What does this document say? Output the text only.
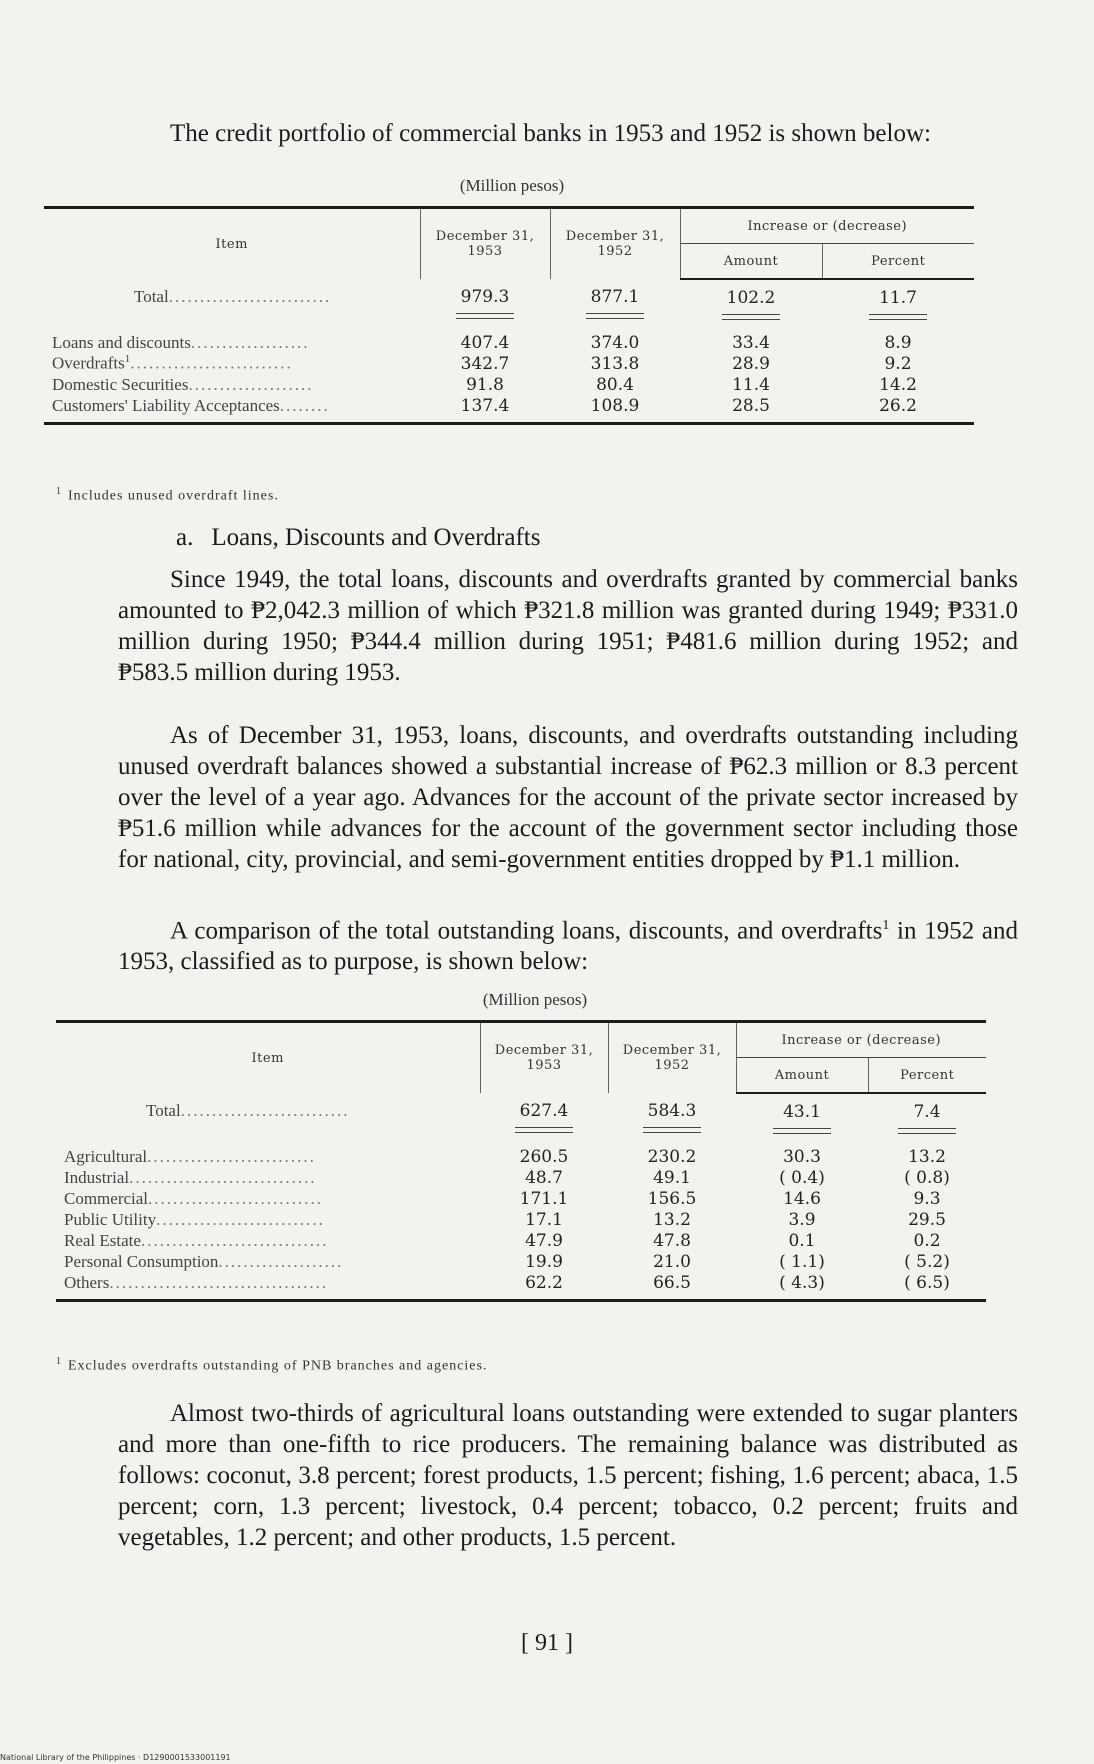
The credit portfolio of commercial banks in 1953 and 1952 is shown below:

(Million pesos)
Item	December 31, 1953	December 31, 1952	Increase or (decrease)	
			Amount	Percent
Total..........................	979.3	877.1	102.2	11.7

Loans and discounts...................	407.4	374.0	33.4	8.9
Overdrafts$^1$..........................	342.7	313.8	28.9	9.2
Domestic Securities....................	91.8	80.4	11.4	14.2
Customers' Liability Acceptances........	137.4	108.9	28.5	26.2

$^1$ Includes unused overdraft lines.
a. Loans, Discounts and Overdrafts

Since 1949, the total loans, discounts and overdrafts granted by commercial banks amounted to ₱2,042.3 million of which ₱321.8 million was granted during 1949; ₱331.0 million during 1950; ₱344.4 million during 1951; ₱481.6 million during 1952; and ₱583.5 million during 1953.

As of December 31, 1953, loans, discounts, and overdrafts outstanding including unused overdraft balances showed a substantial increase of ₱62.3 million or 8.3 percent over the level of a year ago. Advances for the account of the private sector increased by ₱51.6 million while advances for the account of the government sector including those for national, city, provincial, and semi-government entities dropped by ₱1.1 million.

A comparison of the total outstanding loans, discounts, and overdrafts$^1$ in 1952 and 1953, classified as to purpose, is shown below:

(Million pesos)
Item	December 31, 1953	December 31, 1952	Increase or (decrease)	
			Amount	Percent
Total...........................	627.4	584.3	43.1	7.4

Agricultural...........................	260.5	230.2	30.3	13.2
Industrial..............................	48.7	49.1	( 0.4)	( 0.8)
Commercial............................	171.1	156.5	14.6	9.3
Public Utility...........................	17.1	13.2	3.9	29.5
Real Estate..............................	47.9	47.8	0.1	0.2
Personal Consumption....................	19.9	21.0	( 1.1)	( 5.2)
Others...................................	62.2	66.5	( 4.3)	( 6.5)

$^1$ Excludes overdrafts outstanding of PNB branches and agencies.

Almost two-thirds of agricultural loans outstanding were extended to sugar planters and more than one-fifth to rice producers. The remaining balance was distributed as follows: coconut, 3.8 percent; forest products, 1.5 percent; fishing, 1.6 percent; abaca, 1.5 percent; corn, 1.3 percent; livestock, 0.4 percent; tobacco, 0.2 percent; fruits and vegetables, 1.2 percent; and other products, 1.5 percent.

[ 91 ]
National Library of the Philippines · D1290001533001191
